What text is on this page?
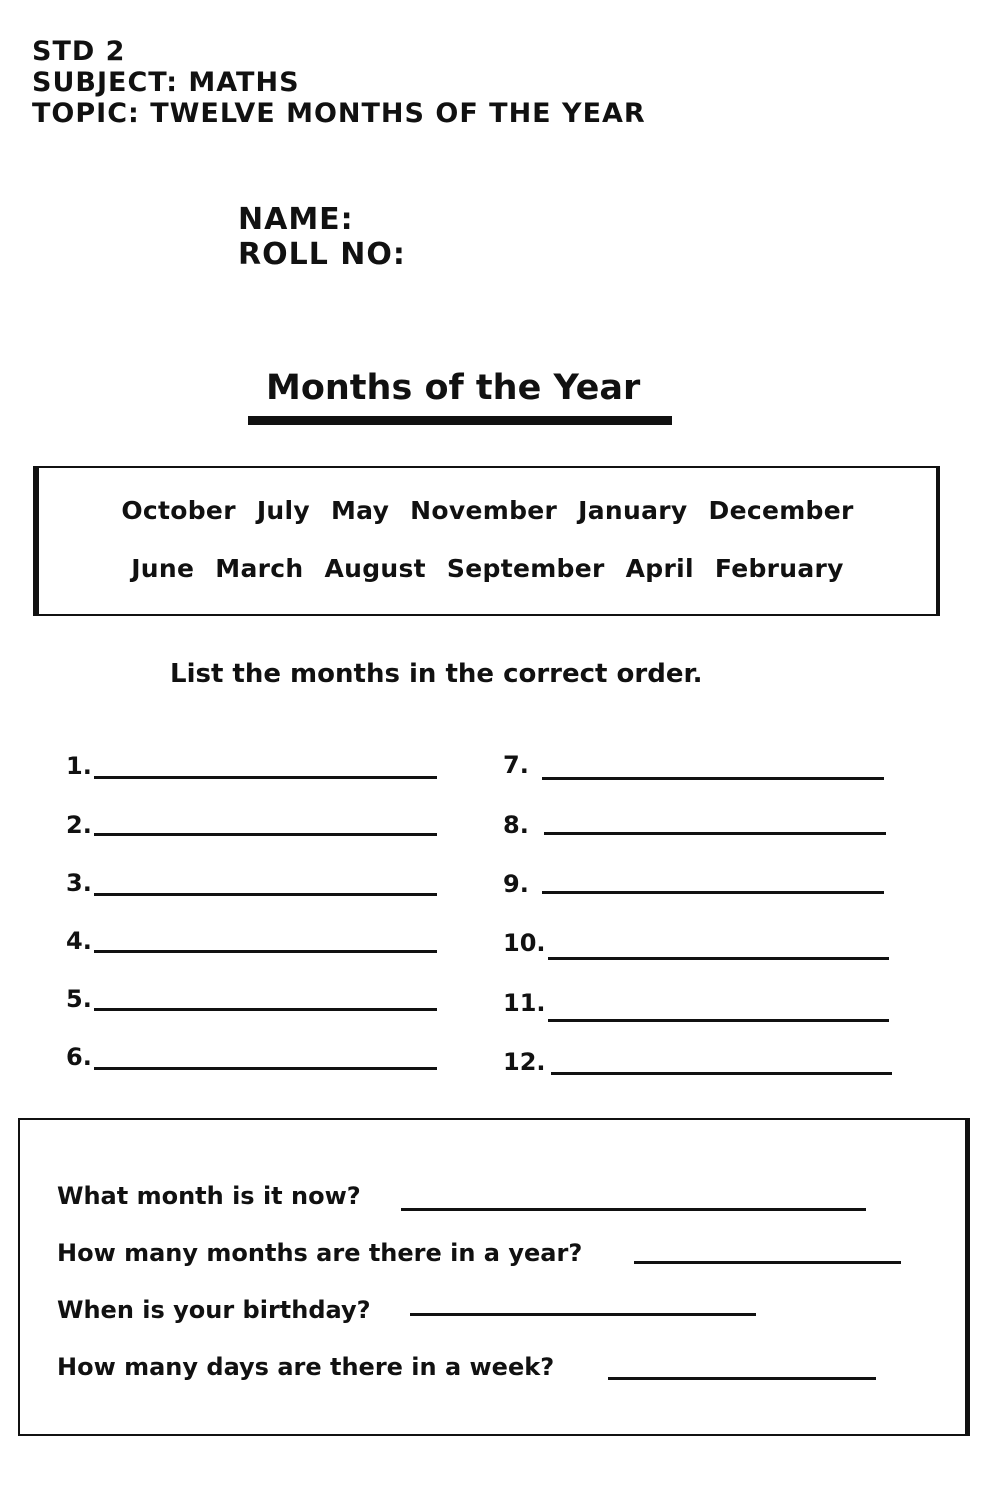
STD 2
SUBJECT: MATHS
TOPIC: TWELVE MONTHS OF THE YEAR
NAME:
ROLL NO:
Months of the Year
October July May November January December
June March August September April February
List the months in the correct order.
1.
2.
3.
4.
5.
6.
7.
8.
9.
10.
11.
12.
What month is it now?
How many months are there in a year?
When is your birthday?
How many days are there in a week?
